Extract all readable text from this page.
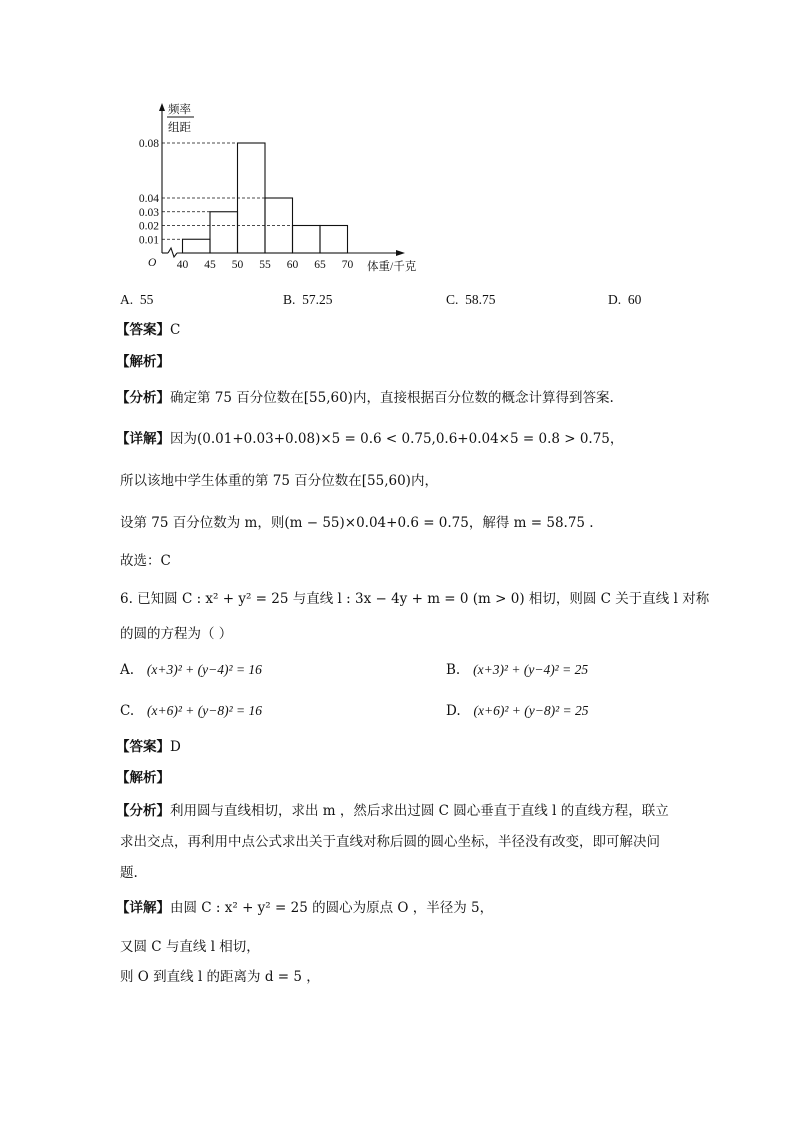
O
频率
组距
0.01
0.02
0.03
0.04
0.08
40 45 50 55 60 65 70 体重/千克
A. 55	B. 57.25	C. 58.75	D. 60
【答案】C
【解析】
【分析】确定第 75 百分位数在[55,60)内，直接根据百分位数的概念计算得到答案.
【详解】因为(0.01+0.03+0.08)×5 = 0.6 < 0.75,0.6+0.04×5 = 0.8 > 0.75，
所以该地中学生体重的第 75 百分位数在[55,60)内，
设第 75 百分位数为 m，则(m − 55)×0.04+0.6 = 0.75，解得 m = 58.75 .
故选：C
6. 已知圆 C : x² + y² = 25 与直线 l : 3x − 4y + m = 0 (m > 0) 相切，则圆 C 关于直线 l 对称
的圆的方程为（ ）
A. (x+3)² + (y−4)² = 16	B. (x+3)² + (y−4)² = 25
C. (x+6)² + (y−8)² = 16	D. (x+6)² + (y−8)² = 25
【答案】D
【解析】
【分析】利用圆与直线相切，求出 m ，然后求出过圆 C 圆心垂直于直线 l 的直线方程，联立
求出交点，再利用中点公式求出关于直线对称后圆的圆心坐标，半径没有改变，即可解决问
题.
【详解】由圆 C : x² + y² = 25 的圆心为原点 O ，半径为 5，
又圆 C 与直线 l 相切，
则 O 到直线 l 的距离为 d = 5 ，
